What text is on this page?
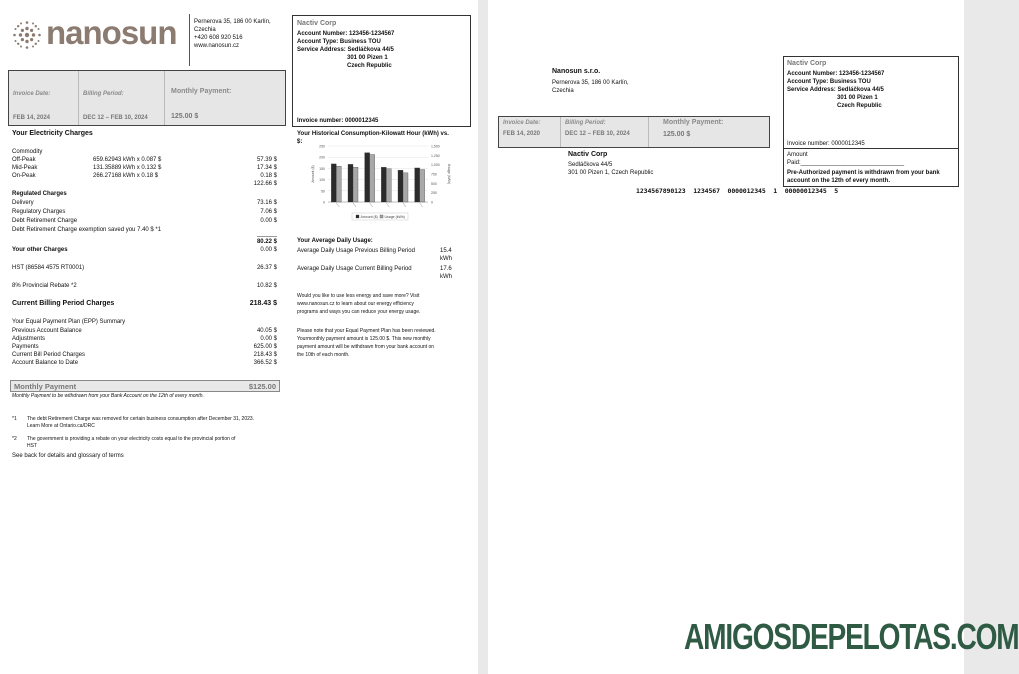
nanosun	Pernerova 35, 186 00 Karlín,
Czechia
+420 608 920 516
www.nanosun.cz
Nactiv Corp
Account Number: 123456-1234567
Account Type: Business TOU
Service Address: Sedláčkova 44/5
301 00 Pizen 1
Czech Republic
Invoice number: 0000012345
Invoice Date:
FEB 14, 2024
Billing Period:
DEC 12 – FEB 10, 2024
Monthly Payment:
125.00 $
Your Electricity Charges
Commodity
Off-Peak	659.62943 kWh x 0.087 $	57.39 $
Mid-Peak	131.35889 kWh x 0.132 $	17.34 $
On-Peak	266.27168 kWh x 0.18 $	0.18 $
122.66 $
Regulated Charges
Delivery	73.16 $
Regulatory Charges	7.06 $
Debt Retirement Charge	0.00 $
Debt Retirement Charge exemption saved you 7.40 $ *1
80.22 $
Your other Charges	0.00 $
HST (86584 4575 RT0001)	26.37 $
8% Provincial Rebate *2	10.82 $
Current Billing Period Charges	218.43 $
Your Equal Payment Plan (EPP) Summary
Previous Account Balance	40.05 $
Adjustments	0.00 $
Payments	625.00 $
Current Bill Period Charges	218.43 $
Account Balance to Date	366.52 $
Monthly Payment	$125.00
Monthly Payment to be withdrawn from your Bank Account on the 12th of every month.
*1 The debt Retirement Charge was removed for certain business consumption after December 31, 2023.
Learn More at Ontario.ca/DRC
*2 The government is providing a rebate on your electricity costs equal to the provincial portion of
HST
See back for details and glossary of terms
Your Historical Consumption-Kilowatt Hour (kWh) vs.
$:
0
50
100
150
200
250
0
250
500
750
1,000
1,250
1,500
Amount ($)	Usage (kWh)
Amount ($) Usage (kWh)
Your Average Daily Usage:
Average Daily Usage Previous Billing Period	15.4
kWh
Average Daily Usage Current Billing Period	17.6
kWh
Would you like to use less energy and save more? Visit
www.nanosun.cz to learn about our energy efficiency
programs and ways you can reduce your energy usage.
Please note that your Equal Payment Plan has been reviewed.
Yourmonthly payment amount is 125.00 $. This new monthly
payment amount will be withdrawn from your bank account on
the 10th of each month.
Nanosun s.r.o.
Pernerova 35, 186 00 Karlín,
Czechia
Nactiv Corp
Account Number: 123456-1234567
Account Type: Business TOU
Service Address: Sedláčkova 44/5
301 00 Pizen 1
Czech Republic
Invoice number: 0000012345
Amount
Paid:_______________________________
Pre-Authorized payment is withdrawn from your bank
account on the 12th of every month.
Invoice Date:
FEB 14, 2020
Billing Period:
DEC 12 – FEB 10, 2024
Monthly Payment:
125.00 $
Nactiv Corp
Sedláčkova 44/5
301 00 Pizen 1, Czech Republic
1234567890123  1234567  0000012345  1  00000012345  5
AMIGOSDEPELOTAS.COM
